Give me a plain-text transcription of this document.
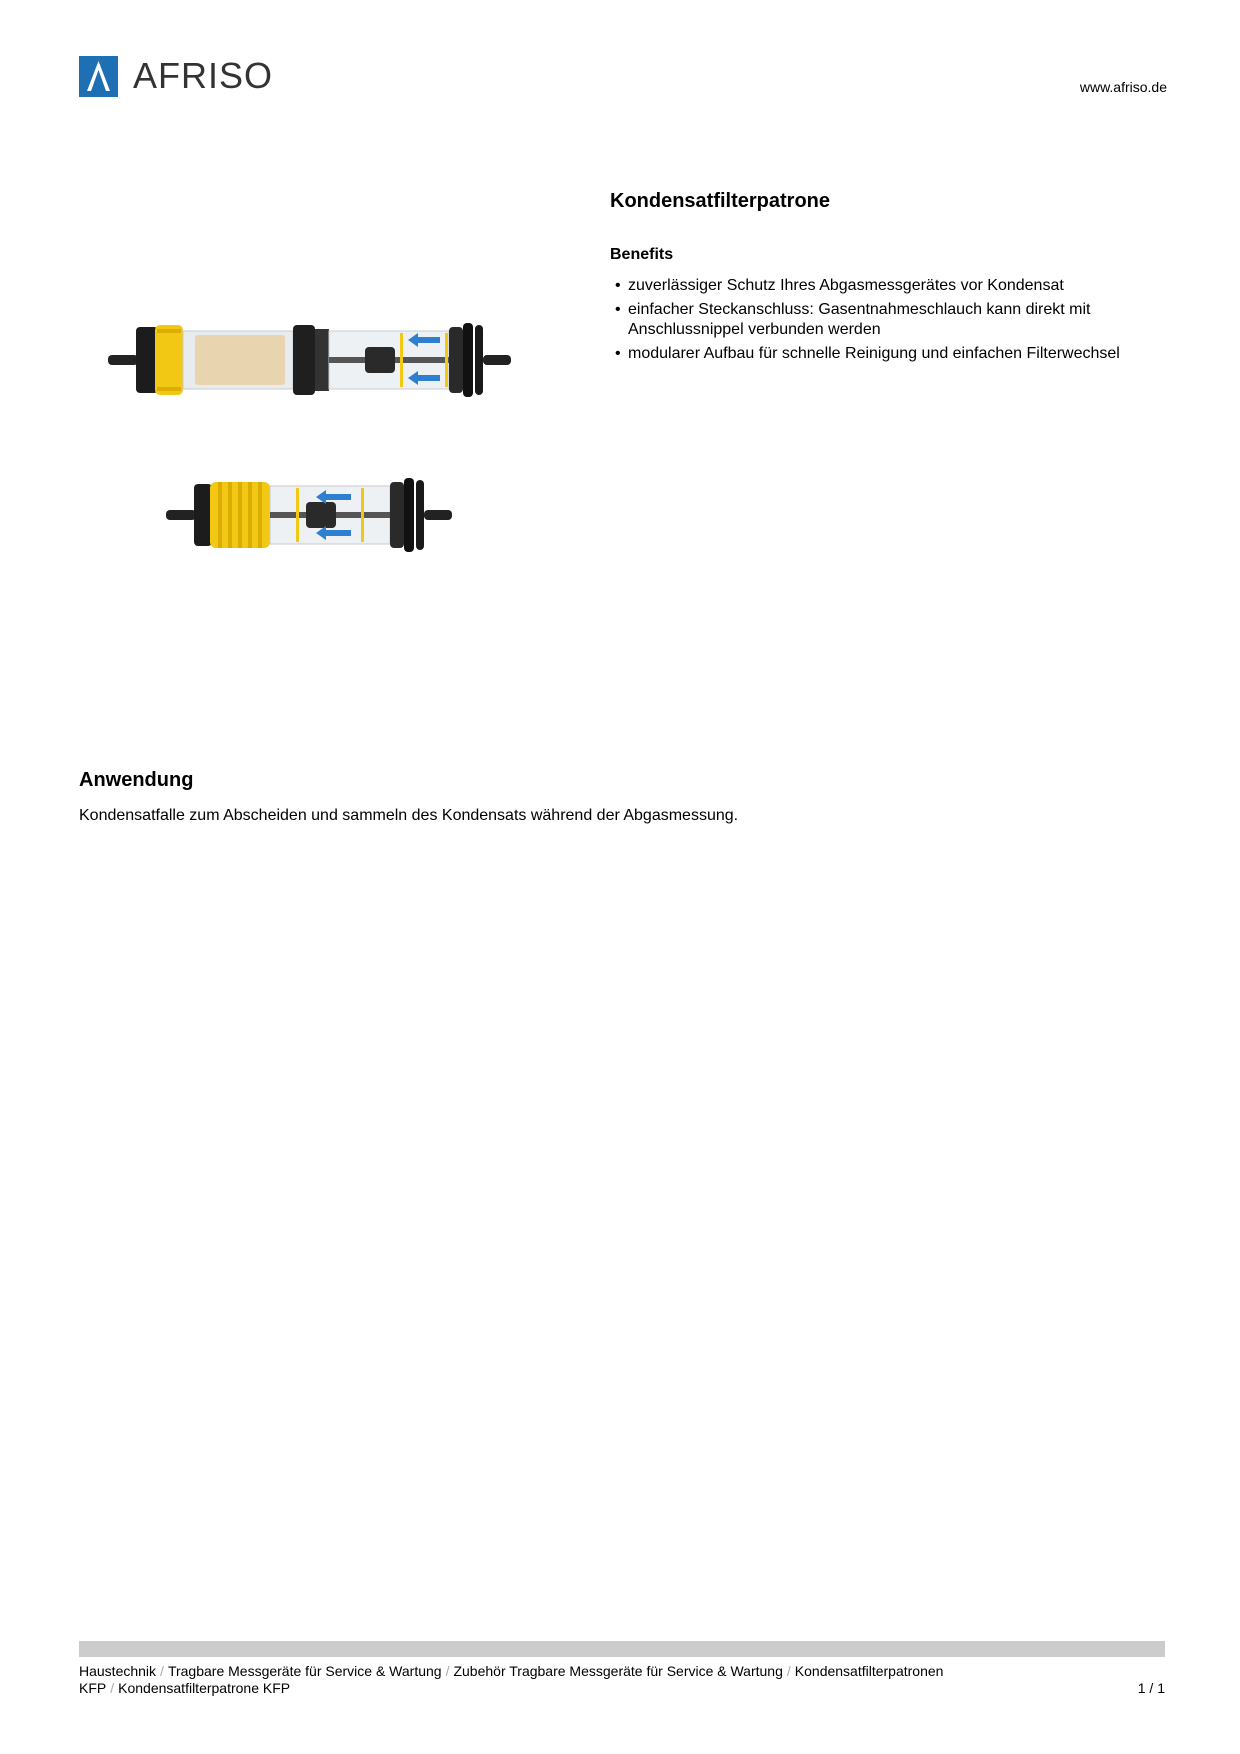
AFRISO	www.afriso.de
Kondensatfilterpatrone
Benefits
• zuverlässiger Schutz Ihres Abgasmessgerätes vor Kondensat
• einfacher Steckanschluss: Gasentnahmeschlauch kann direkt mit Anschlussnippel verbunden werden
• modularer Aufbau für schnelle Reinigung und einfachen Filterwechsel
Anwendung

Kondensatfalle zum Abscheiden und sammeln des Kondensats während der Abgasmessung.

Haustechnik / Tragbare Messgeräte für Service & Wartung / Zubehör Tragbare Messgeräte für Service & Wartung / Kondensatfilterpatronen KFP / Kondensatfilterpatrone KFP	1 / 1
